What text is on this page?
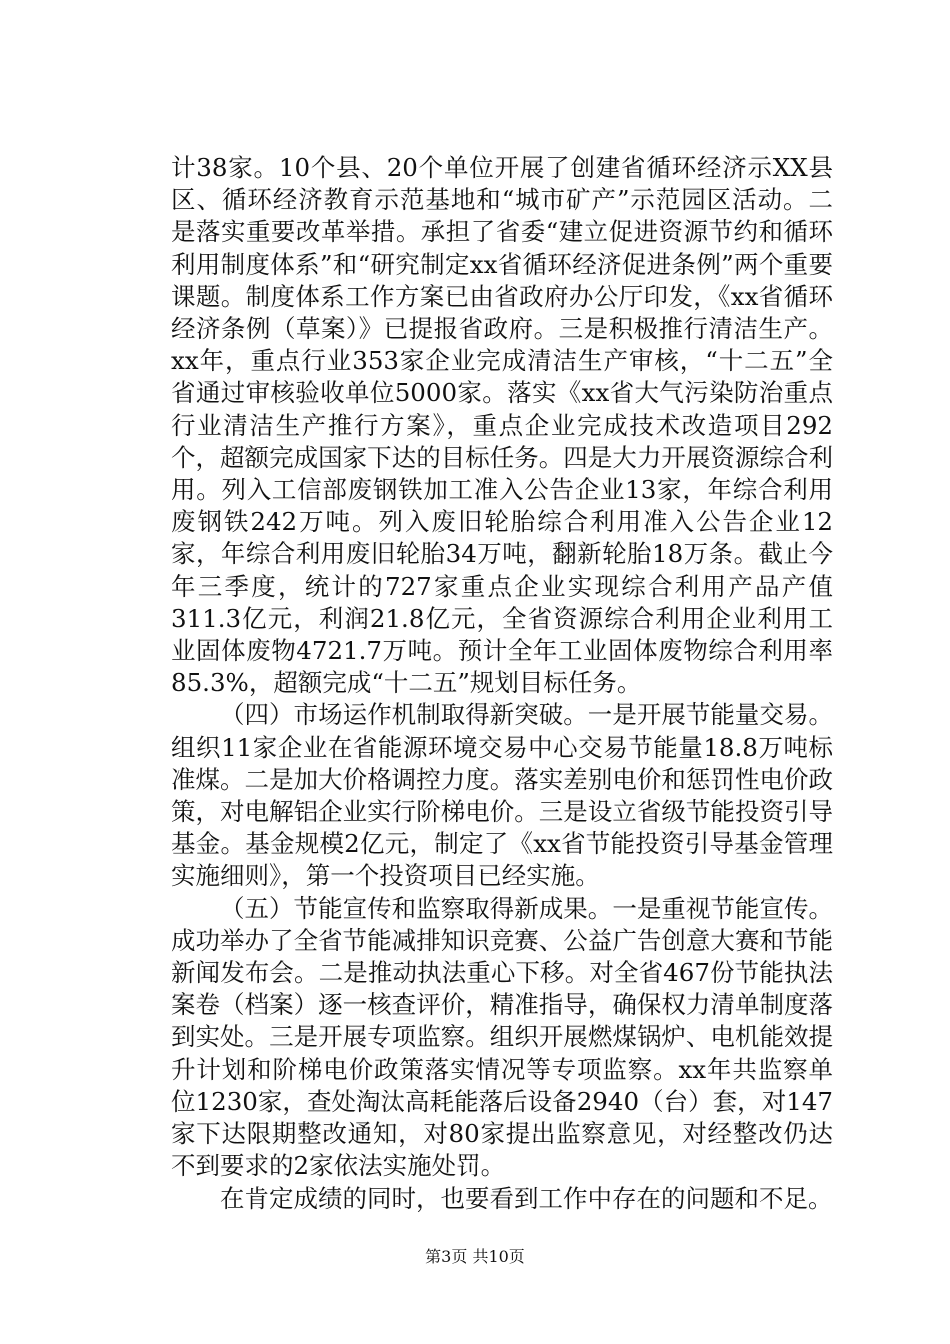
计38家。10个县、20个单位开展了创建省循环经济示XX县区、循环经济教育示范基地和“城市矿产”示范园区活动。二是落实重要改革举措。承担了省委“建立促进资源节约和循环利用制度体系”和“研究制定xx省循环经济促进条例”两个重要课题。制度体系工作方案已由省政府办公厅印发，《xx省循环经济条例（草案）》已提报省政府。三是积极推行清洁生产。xx年，重点行业353家企业完成清洁生产审核，“十二五”全省通过审核验收单位5000家。落实《xx省大气污染防治重点行业清洁生产推行方案》，重点企业完成技术改造项目292个，超额完成国家下达的目标任务。四是大力开展资源综合利用。列入工信部废钢铁加工准入公告企业13家，年综合利用废钢铁242万吨。列入废旧轮胎综合利用准入公告企业12家，年综合利用废旧轮胎34万吨，翻新轮胎18万条。截止今年三季度，统计的727家重点企业实现综合利用产品产值311.3亿元，利润21.8亿元，全省资源综合利用企业利用工业固体废物4721.7万吨。预计全年工业固体废物综合利用率85.3%，超额完成“十二五”规划目标任务。

（四）市场运作机制取得新突破。一是开展节能量交易。组织11家企业在省能源环境交易中心交易节能量18.8万吨标准煤。二是加大价格调控力度。落实差别电价和惩罚性电价政策，对电解铝企业实行阶梯电价。三是设立省级节能投资引导基金。基金规模2亿元，制定了《xx省节能投资引导基金管理实施细则》，第一个投资项目已经实施。

（五）节能宣传和监察取得新成果。一是重视节能宣传。成功举办了全省节能减排知识竞赛、公益广告创意大赛和节能新闻发布会。二是推动执法重心下移。对全省467份节能执法案卷（档案）逐一核查评价，精准指导，确保权力清单制度落到实处。三是开展专项监察。组织开展燃煤锅炉、电机能效提升计划和阶梯电价政策落实情况等专项监察。xx年共监察单位1230家，查处淘汰高耗能落后设备2940（台）套，对147家下达限期整改通知，对80家提出监察意见，对经整改仍达不到要求的2家依法实施处罚。

在肯定成绩的同时，也要看到工作中存在的问题和不足。

第3页 共10页
